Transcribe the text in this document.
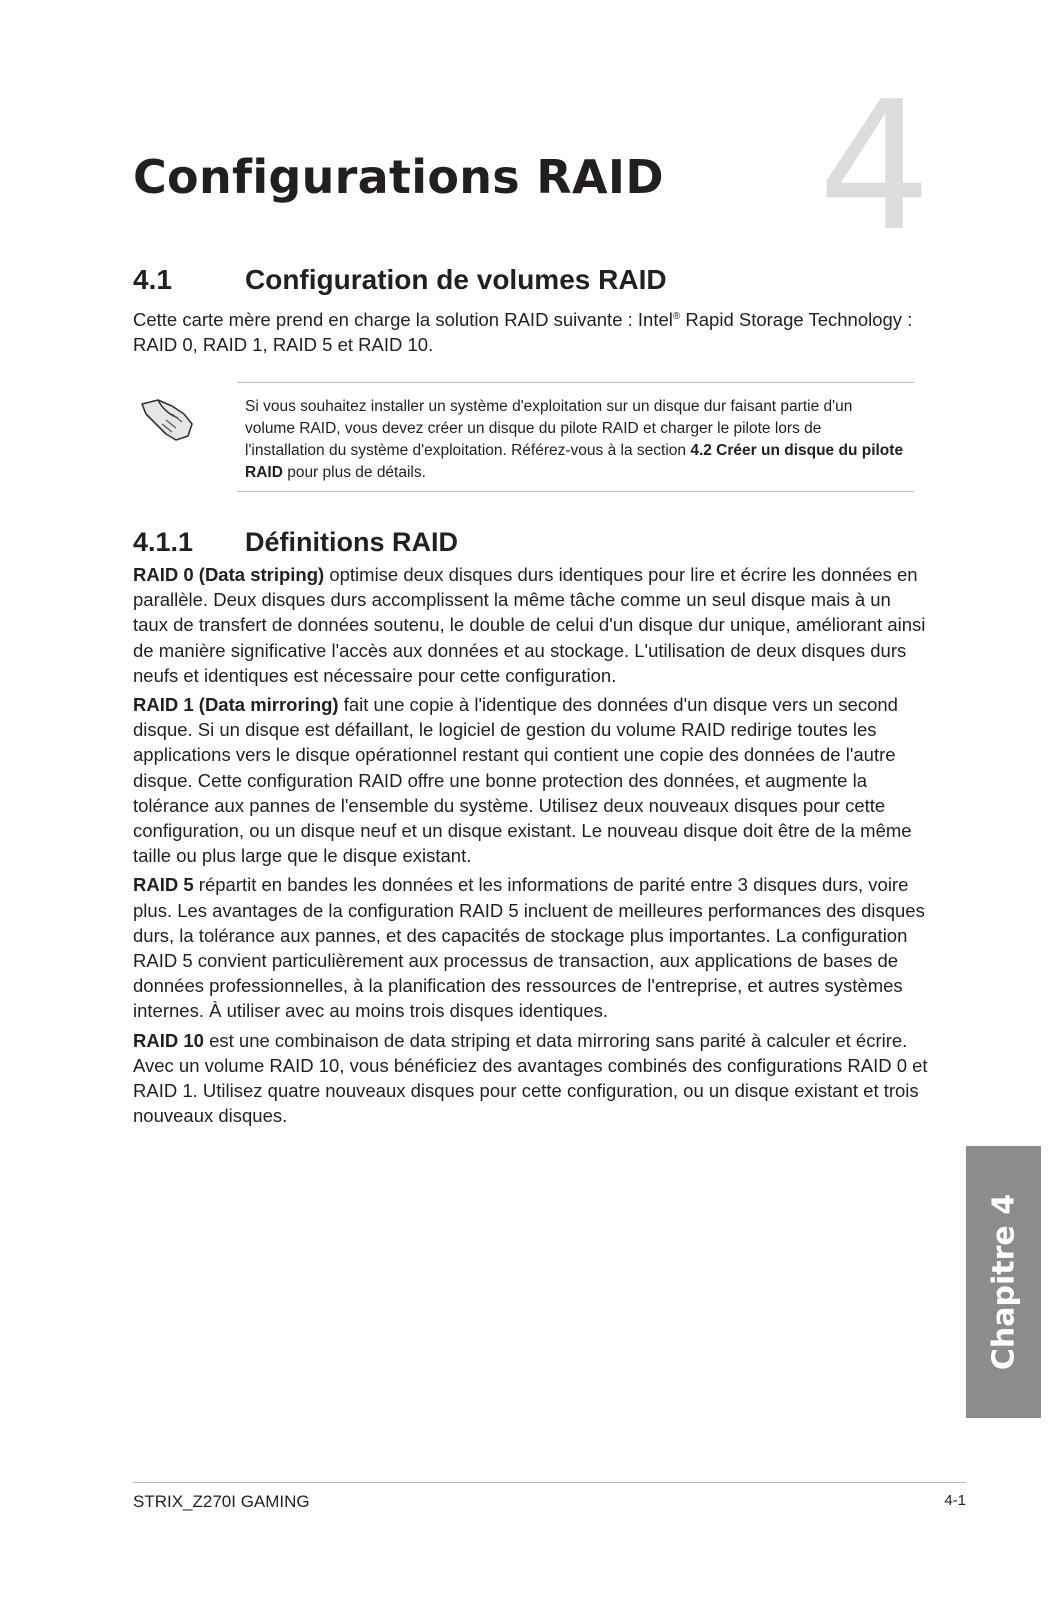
Configurations RAID 4
4.1	Configuration de volumes RAID

Cette carte mère prend en charge la solution RAID suivante : Intel® Rapid Storage Technology : RAID 0, RAID 1, RAID 5 et RAID 10.

Si vous souhaitez installer un système d'exploitation sur un disque dur faisant partie d'un volume RAID, vous devez créer un disque du pilote RAID et charger le pilote lors de l'installation du système d'exploitation. Référez-vous à la section 4.2 Créer un disque du pilote RAID pour plus de détails.

4.1.1 Définitions RAID

RAID 0 (Data striping) optimise deux disques durs identiques pour lire et écrire les données en parallèle. Deux disques durs accomplissent la même tâche comme un seul disque mais à un taux de transfert de données soutenu, le double de celui d'un disque dur unique, améliorant ainsi de manière significative l'accès aux données et au stockage. L'utilisation de deux disques durs neufs et identiques est nécessaire pour cette configuration.

RAID 1 (Data mirroring) fait une copie à l'identique des données d'un disque vers un second disque. Si un disque est défaillant, le logiciel de gestion du volume RAID redirige toutes les applications vers le disque opérationnel restant qui contient une copie des données de l'autre disque. Cette configuration RAID offre une bonne protection des données, et augmente la tolérance aux pannes de l'ensemble du système. Utilisez deux nouveaux disques pour cette configuration, ou un disque neuf et un disque existant. Le nouveau disque doit être de la même taille ou plus large que le disque existant.

RAID 5 répartit en bandes les données et les informations de parité entre 3 disques durs, voire plus. Les avantages de la configuration RAID 5 incluent de meilleures performances des disques durs, la tolérance aux pannes, et des capacités de stockage plus importantes. La configuration RAID 5 convient particulièrement aux processus de transaction, aux applications de bases de données professionnelles, à la planification des ressources de l'entreprise, et autres systèmes internes. À utiliser avec au moins trois disques identiques.

RAID 10 est une combinaison de data striping et data mirroring sans parité à calculer et écrire. Avec un volume RAID 10, vous bénéficiez des avantages combinés des configurations RAID 0 et RAID 1. Utilisez quatre nouveaux disques pour cette configuration, ou un disque existant et trois nouveaux disques.

Chapitre 4
STRIX_Z270I GAMING	4-1
